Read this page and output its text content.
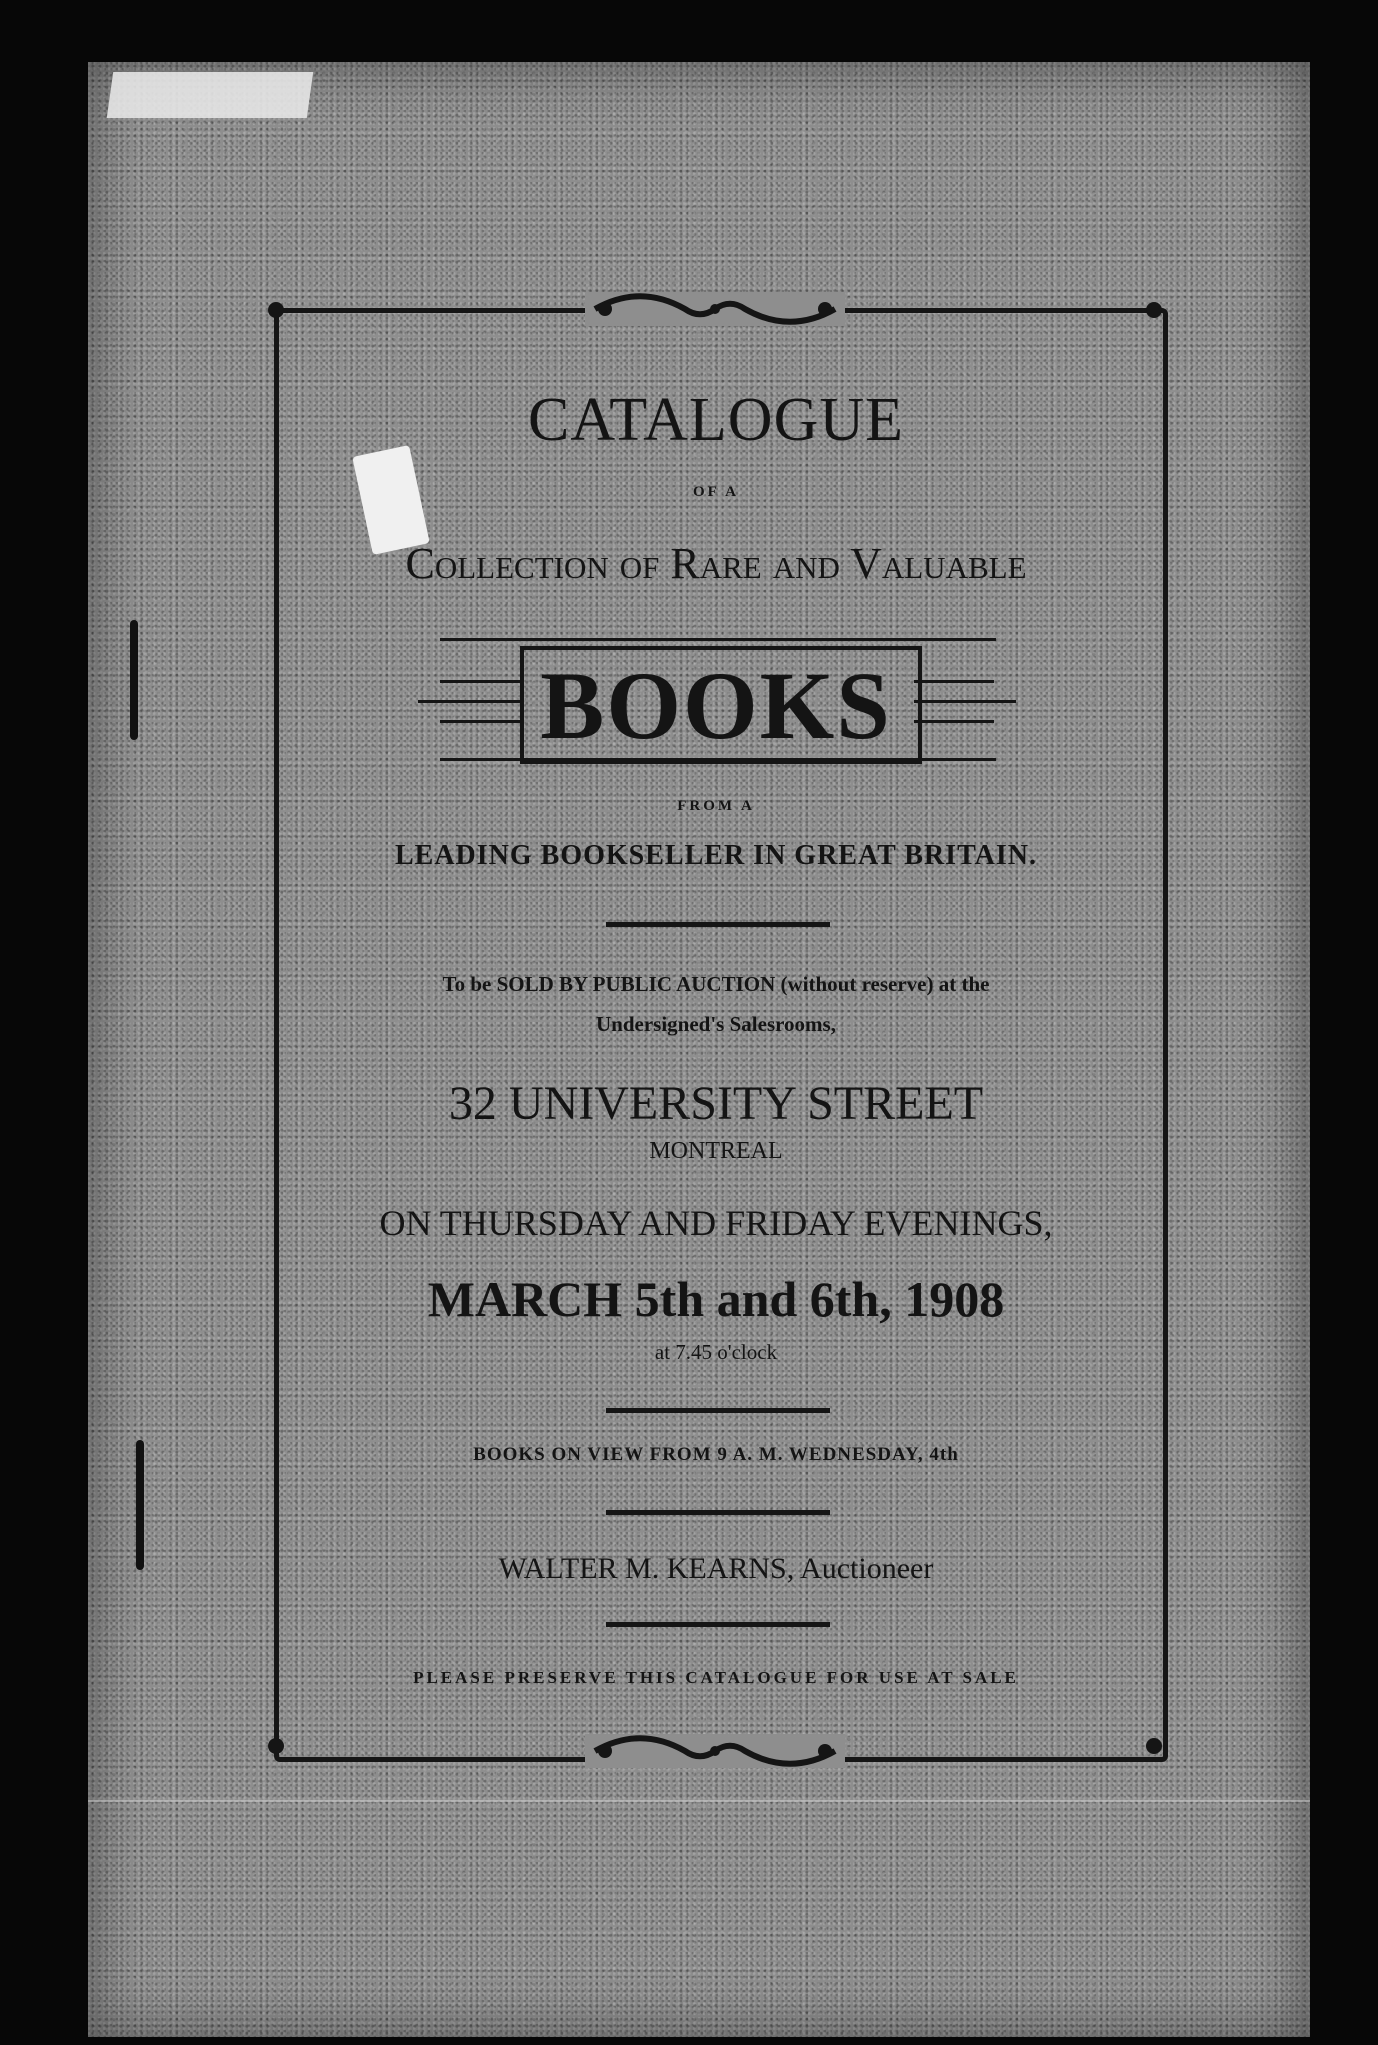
CATALOGUE
OF A
Collection of Rare and Valuable
BOOKS
FROM A
LEADING BOOKSELLER IN GREAT BRITAIN.
To be SOLD BY PUBLIC AUCTION (without reserve) at the
Undersigned's Salesrooms,
32 UNIVERSITY STREET
MONTREAL
ON THURSDAY AND FRIDAY EVENINGS,
MARCH 5th and 6th, 1908
at 7.45 o'clock
BOOKS ON VIEW FROM 9 A. M. WEDNESDAY, 4th
WALTER M. KEARNS, Auctioneer
PLEASE PRESERVE THIS CATALOGUE FOR USE AT SALE
